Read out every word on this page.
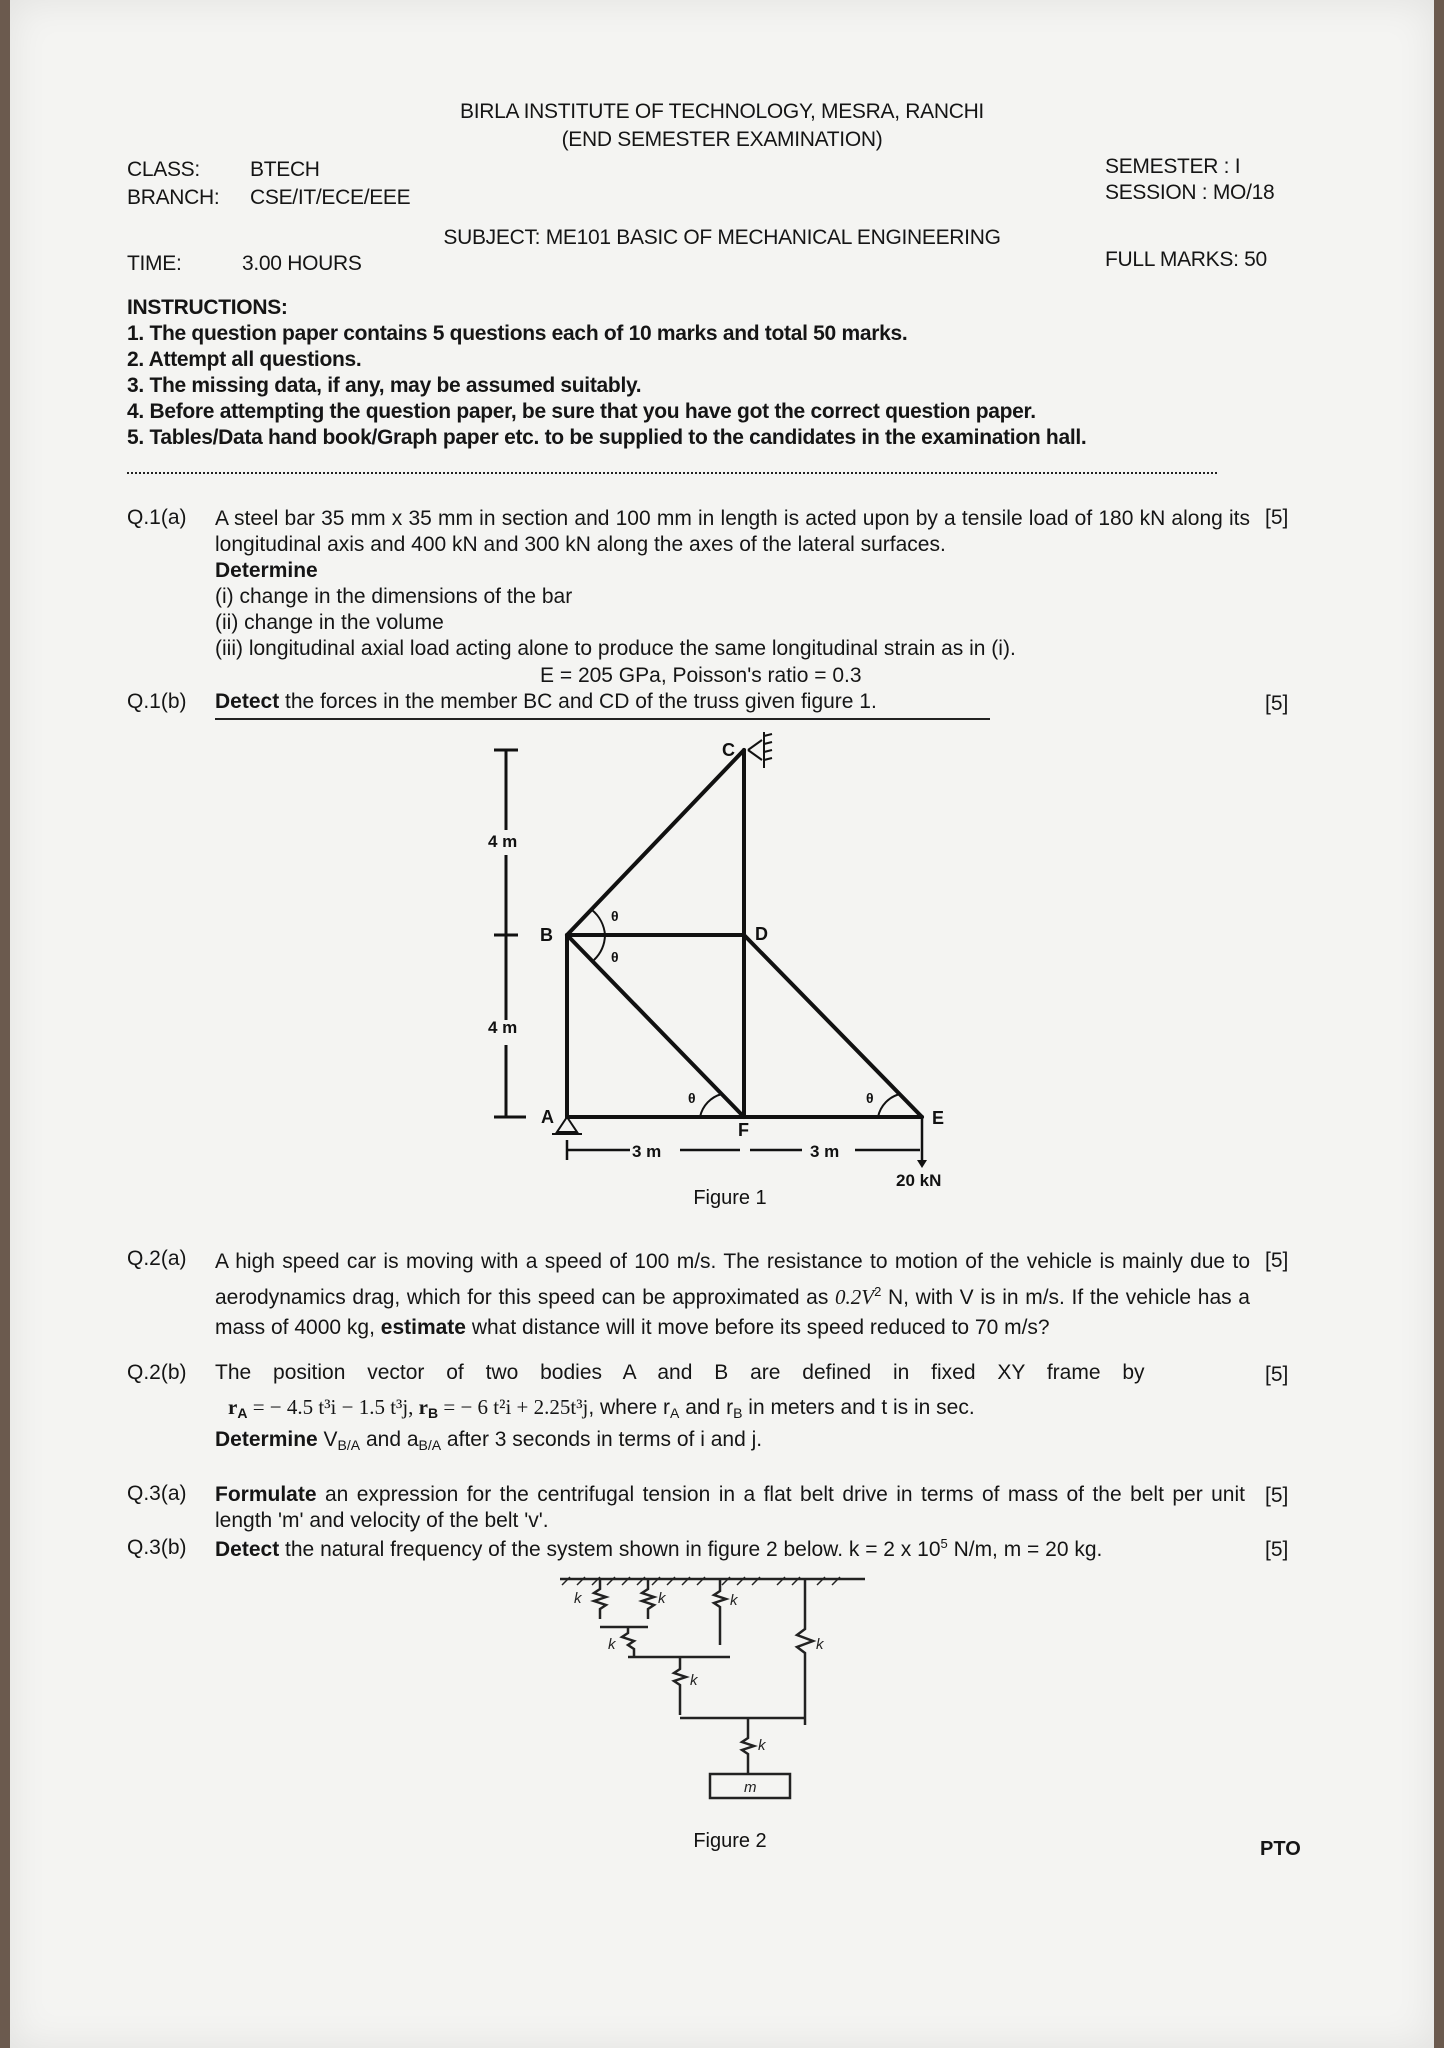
BIRLA INSTITUTE OF TECHNOLOGY, MESRA, RANCHI
(END SEMESTER EXAMINATION)
CLASS: BTECH
BRANCH: CSE/IT/ECE/EEE
SEMESTER : I
SESSION : MO/18
SUBJECT: ME101 BASIC OF MECHANICAL ENGINEERING
TIME:	3.00 HOURS	FULL MARKS: 50
INSTRUCTIONS:
1. The question paper contains 5 questions each of 10 marks and total 50 marks.
2. Attempt all questions.
3. The missing data, if any, may be assumed suitably.
4. Before attempting the question paper, be sure that you have got the correct question paper.
5. Tables/Data hand book/Graph paper etc. to be supplied to the candidates in the examination hall.
Q.1(a) A steel bar 35 mm x 35 mm in section and 100 mm in length is acted upon by a tensile load of 180 kN along its longitudinal axis and 400 kN and 300 kN along the axes of the lateral surfaces.
[5]
Determine
(i) change in the dimensions of the bar
(ii) change in the volume
(iii) longitudinal axial load acting alone to produce the same longitudinal strain as in (i).
E = 205 GPa, Poisson's ratio = 0.3
Q.1(b) Detect the forces in the member BC and CD of the truss given figure 1.	[5]
θ
θ
θ	θ
A
B
C
D
E
F
4 m
4 m
3 m	3 m
20 kN
Figure 1
Q.2(a) A high speed car is moving with a speed of 100 m/s. The resistance to motion of the vehicle is mainly due to aerodynamics drag, which for this speed can be approximated as $0.2V^2$ N, with V is in m/s. If the vehicle has a mass of 4000 kg, estimate what distance will it move before its speed reduced to 70 m/s?
[5]
Q.2(b) The position vector of two bodies A and B are defined in fixed XY frame by	[5]
$r_A$ = − 4.5 t³i − 1.5 t³j, $r_B$ = − 6 t²i + 2.25t³j, where $r_A$ and $r_B$ in meters and t is in sec.
Determine $V_{B/A}$ and $a_{B/A}$ after 3 seconds in terms of i and j.
Q.3(a) Formulate an expression for the centrifugal tension in a flat belt drive in terms of mass of the belt per unit length 'm' and velocity of the belt 'v'.
[5]
Q.3(b) Detect the natural frequency of the system shown in figure 2 below. k = 2 x $10^5$ N/m, m = 20 kg.	[5]
k	k	k
k
k
k
k
m
Figure 2	PTO
